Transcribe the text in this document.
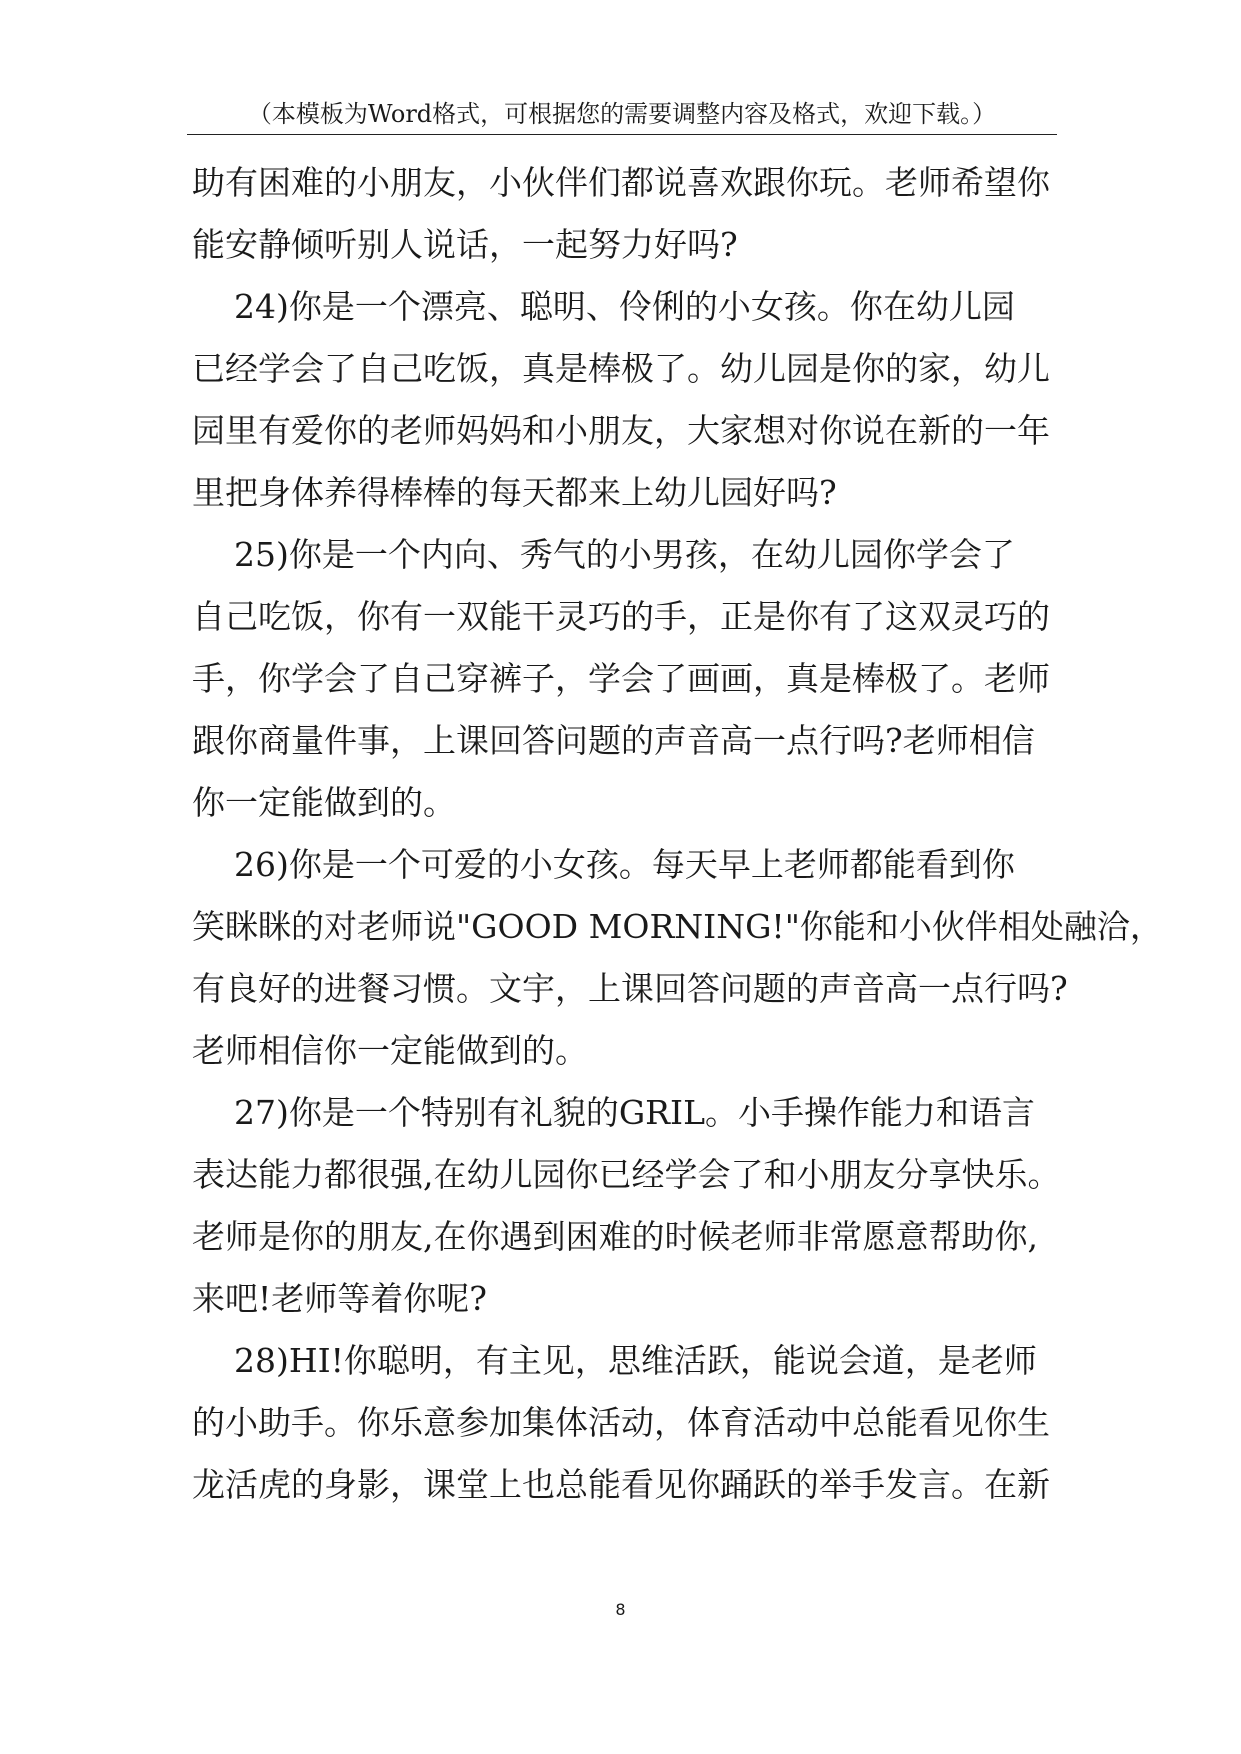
（本模板为Word格式，可根据您的需要调整内容及格式，欢迎下载。）
助有困难的小朋友，小伙伴们都说喜欢跟你玩。老师希望你
能安静倾听别人说话，一起努力好吗?
24)你是一个漂亮、聪明、伶俐的小女孩。你在幼儿园
已经学会了自己吃饭，真是棒极了。幼儿园是你的家，幼儿
园里有爱你的老师妈妈和小朋友，大家想对你说在新的一年
里把身体养得棒棒的每天都来上幼儿园好吗?
25)你是一个内向、秀气的小男孩，在幼儿园你学会了
自己吃饭，你有一双能干灵巧的手，正是你有了这双灵巧的
手，你学会了自己穿裤子，学会了画画，真是棒极了。老师
跟你商量件事，上课回答问题的声音高一点行吗?老师相信
你一定能做到的。
26)你是一个可爱的小女孩。每天早上老师都能看到你
笑眯眯的对老师说"GOOD MORNING!"你能和小伙伴相处融洽，
有良好的进餐习惯。文宇，上课回答问题的声音高一点行吗?
老师相信你一定能做到的。
27)你是一个特别有礼貌的GRIL。小手操作能力和语言
表达能力都很强,在幼儿园你已经学会了和小朋友分享快乐。
老师是你的朋友,在你遇到困难的时候老师非常愿意帮助你,
来吧!老师等着你呢?
28)HI!你聪明，有主见，思维活跃，能说会道，是老师
的小助手。你乐意参加集体活动，体育活动中总能看见你生
龙活虎的身影，课堂上也总能看见你踊跃的举手发言。在新
8
